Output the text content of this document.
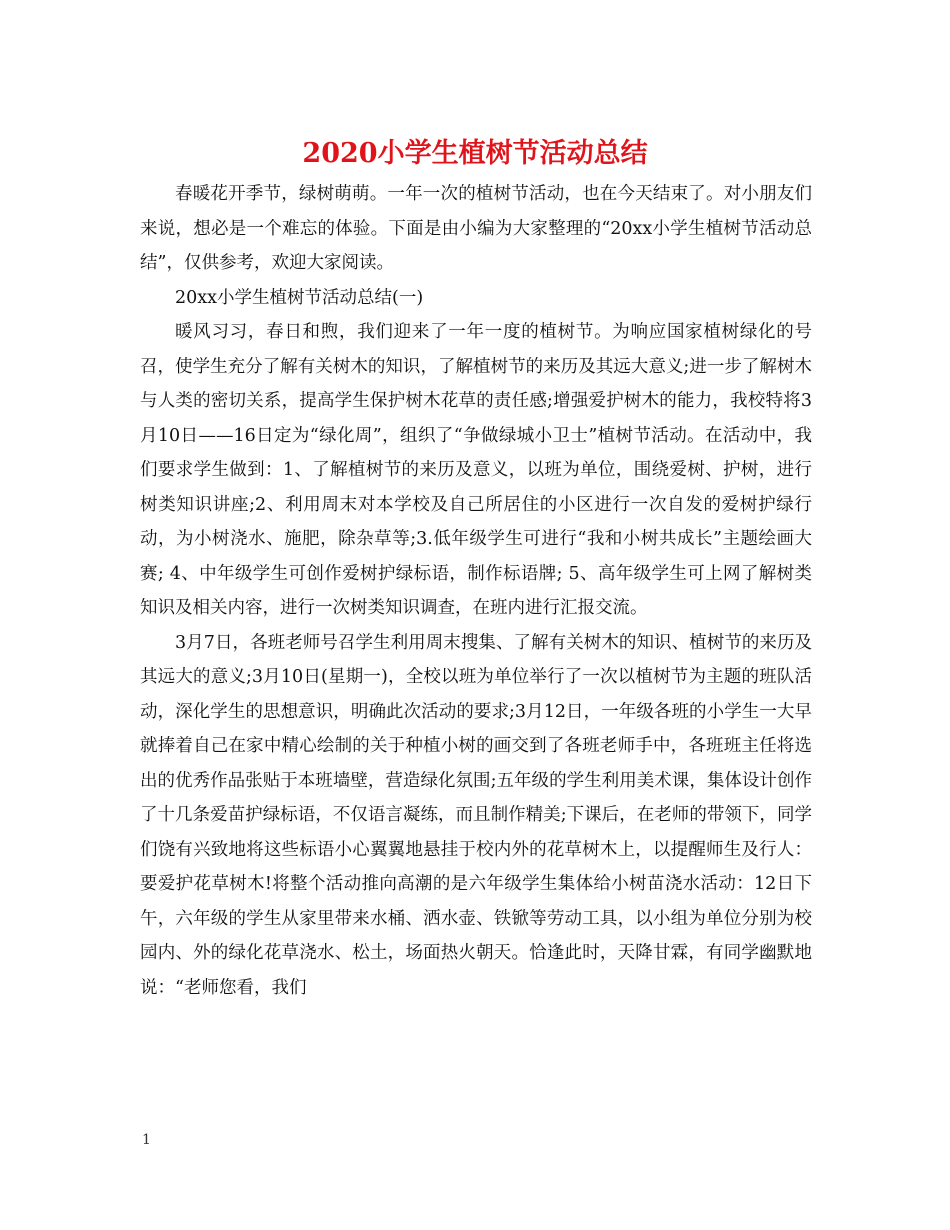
2020小学生植树节活动总结

春暖花开季节，绿树萌萌。一年一次的植树节活动，也在今天结束了。对小朋友们来说，想必是一个难忘的体验。下面是由小编为大家整理的“20xx小学生植树节活动总结”，仅供参考，欢迎大家阅读。

20xx小学生植树节活动总结(一)

暖风习习，春日和煦，我们迎来了一年一度的植树节。为响应国家植树绿化的号召，使学生充分了解有关树木的知识，了解植树节的来历及其远大意义;进一步了解树木与人类的密切关系，提高学生保护树木花草的责任感;增强爱护树木的能力，我校特将3月10日——16日定为“绿化周”，组织了“争做绿城小卫士”植树节活动。在活动中，我们要求学生做到：1、了解植树节的来历及意义，以班为单位，围绕爱树、护树，进行树类知识讲座;2、利用周末对本学校及自己所居住的小区进行一次自发的爱树护绿行动，为小树浇水、施肥，除杂草等;3.低年级学生可进行“我和小树共成长”主题绘画大赛; 4、中年级学生可创作爱树护绿标语，制作标语牌; 5、高年级学生可上网了解树类知识及相关内容，进行一次树类知识调查，在班内进行汇报交流。

3月7日，各班老师号召学生利用周末搜集、了解有关树木的知识、植树节的来历及其远大的意义;3月10日(星期一)，全校以班为单位举行了一次以植树节为主题的班队活动，深化学生的思想意识，明确此次活动的要求;3月12日，一年级各班的小学生一大早就捧着自己在家中精心绘制的关于种植小树的画交到了各班老师手中，各班班主任将选出的优秀作品张贴于本班墙壁，营造绿化氛围;五年级的学生利用美术课，集体设计创作了十几条爱苗护绿标语，不仅语言凝练，而且制作精美;下课后，在老师的带领下，同学们饶有兴致地将这些标语小心翼翼地悬挂于校内外的花草树木上，以提醒师生及行人：要爱护花草树木!将整个活动推向高潮的是六年级学生集体给小树苗浇水活动：12日下午，六年级的学生从家里带来水桶、洒水壶、铁锨等劳动工具，以小组为单位分别为校园内、外的绿化花草浇水、松土，场面热火朝天。恰逢此时，天降甘霖，有同学幽默地说：“老师您看，我们

1
